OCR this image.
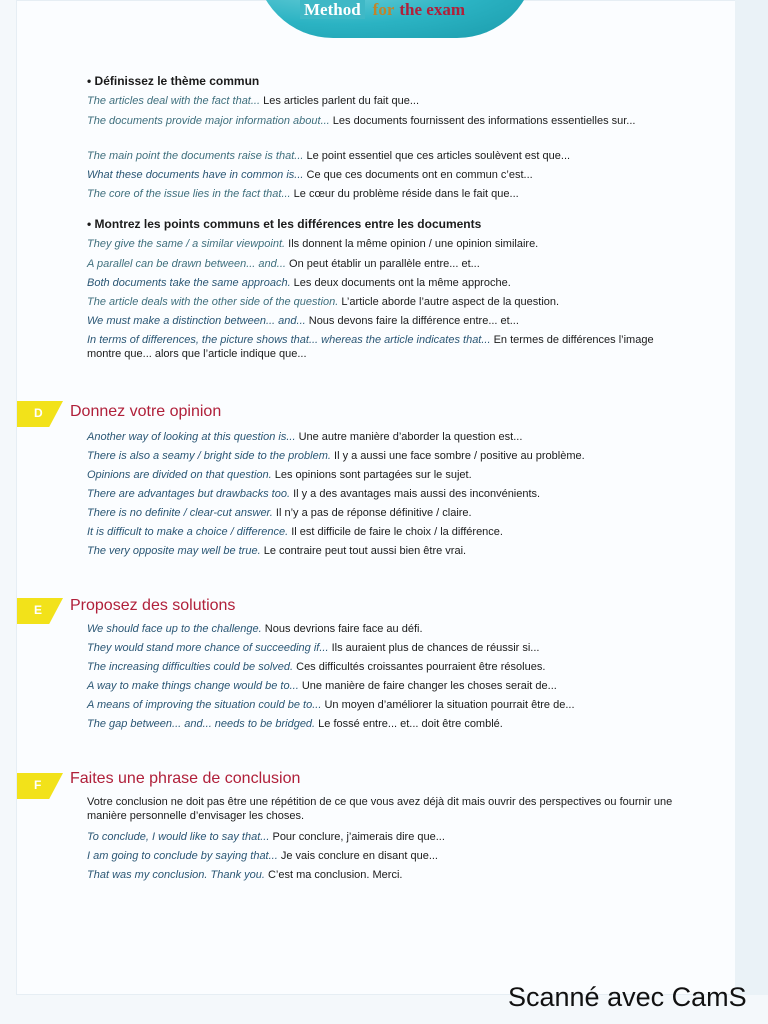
Method for the exam
• Définissez le thème commun
The articles deal with the fact that... Les articles parlent du fait que...
The documents provide major information about... Les documents fournissent des informations essentielles sur...
The main point the documents raise is that... Le point essentiel que ces articles soulèvent est que...
What these documents have in common is... Ce que ces documents ont en commun c’est...
The core of the issue lies in the fact that... Le cœur du problème réside dans le fait que...
• Montrez les points communs et les différences entre les documents
They give the same / a similar viewpoint. Ils donnent la même opinion / une opinion similaire.
A parallel can be drawn between... and... On peut établir un parallèle entre... et...
Both documents take the same approach. Les deux documents ont la même approche.
The article deals with the other side of the question. L’article aborde l’autre aspect de la question.
We must make a distinction between... and... Nous devons faire la différence entre... et...
In terms of differences, the picture shows that... whereas the article indicates that... En termes de différences l’image montre que... alors que l’article indique que...
D Donnez votre opinion
Another way of looking at this question is... Une autre manière d’aborder la question est...
There is also a seamy / bright side to the problem. Il y a aussi une face sombre / positive au problème.
Opinions are divided on that question. Les opinions sont partagées sur le sujet.
There are advantages but drawbacks too. Il y a des avantages mais aussi des inconvénients.
There is no definite / clear-cut answer. Il n’y a pas de réponse définitive / claire.
It is difficult to make a choice / difference. Il est difficile de faire le choix / la différence.
The very opposite may well be true. Le contraire peut tout aussi bien être vrai.
E Proposez des solutions
We should face up to the challenge. Nous devrions faire face au défi.
They would stand more chance of succeeding if... Ils auraient plus de chances de réussir si...
The increasing difficulties could be solved. Ces difficultés croissantes pourraient être résolues.
A way to make things change would be to... Une manière de faire changer les choses serait de...
A means of improving the situation could be to... Un moyen d’améliorer la situation pourrait être de...
The gap between... and... needs to be bridged. Le fossé entre... et... doit être comblé.
F Faites une phrase de conclusion
Votre conclusion ne doit pas être une répétition de ce que vous avez déjà dit mais ouvrir des perspectives ou fournir une manière personnelle d’envisager les choses.
To conclude, I would like to say that... Pour conclure, j’aimerais dire que...
I am going to conclude by saying that... Je vais conclure en disant que...
That was my conclusion. Thank you. C’est ma conclusion. Merci.
Scanné avec CamS
